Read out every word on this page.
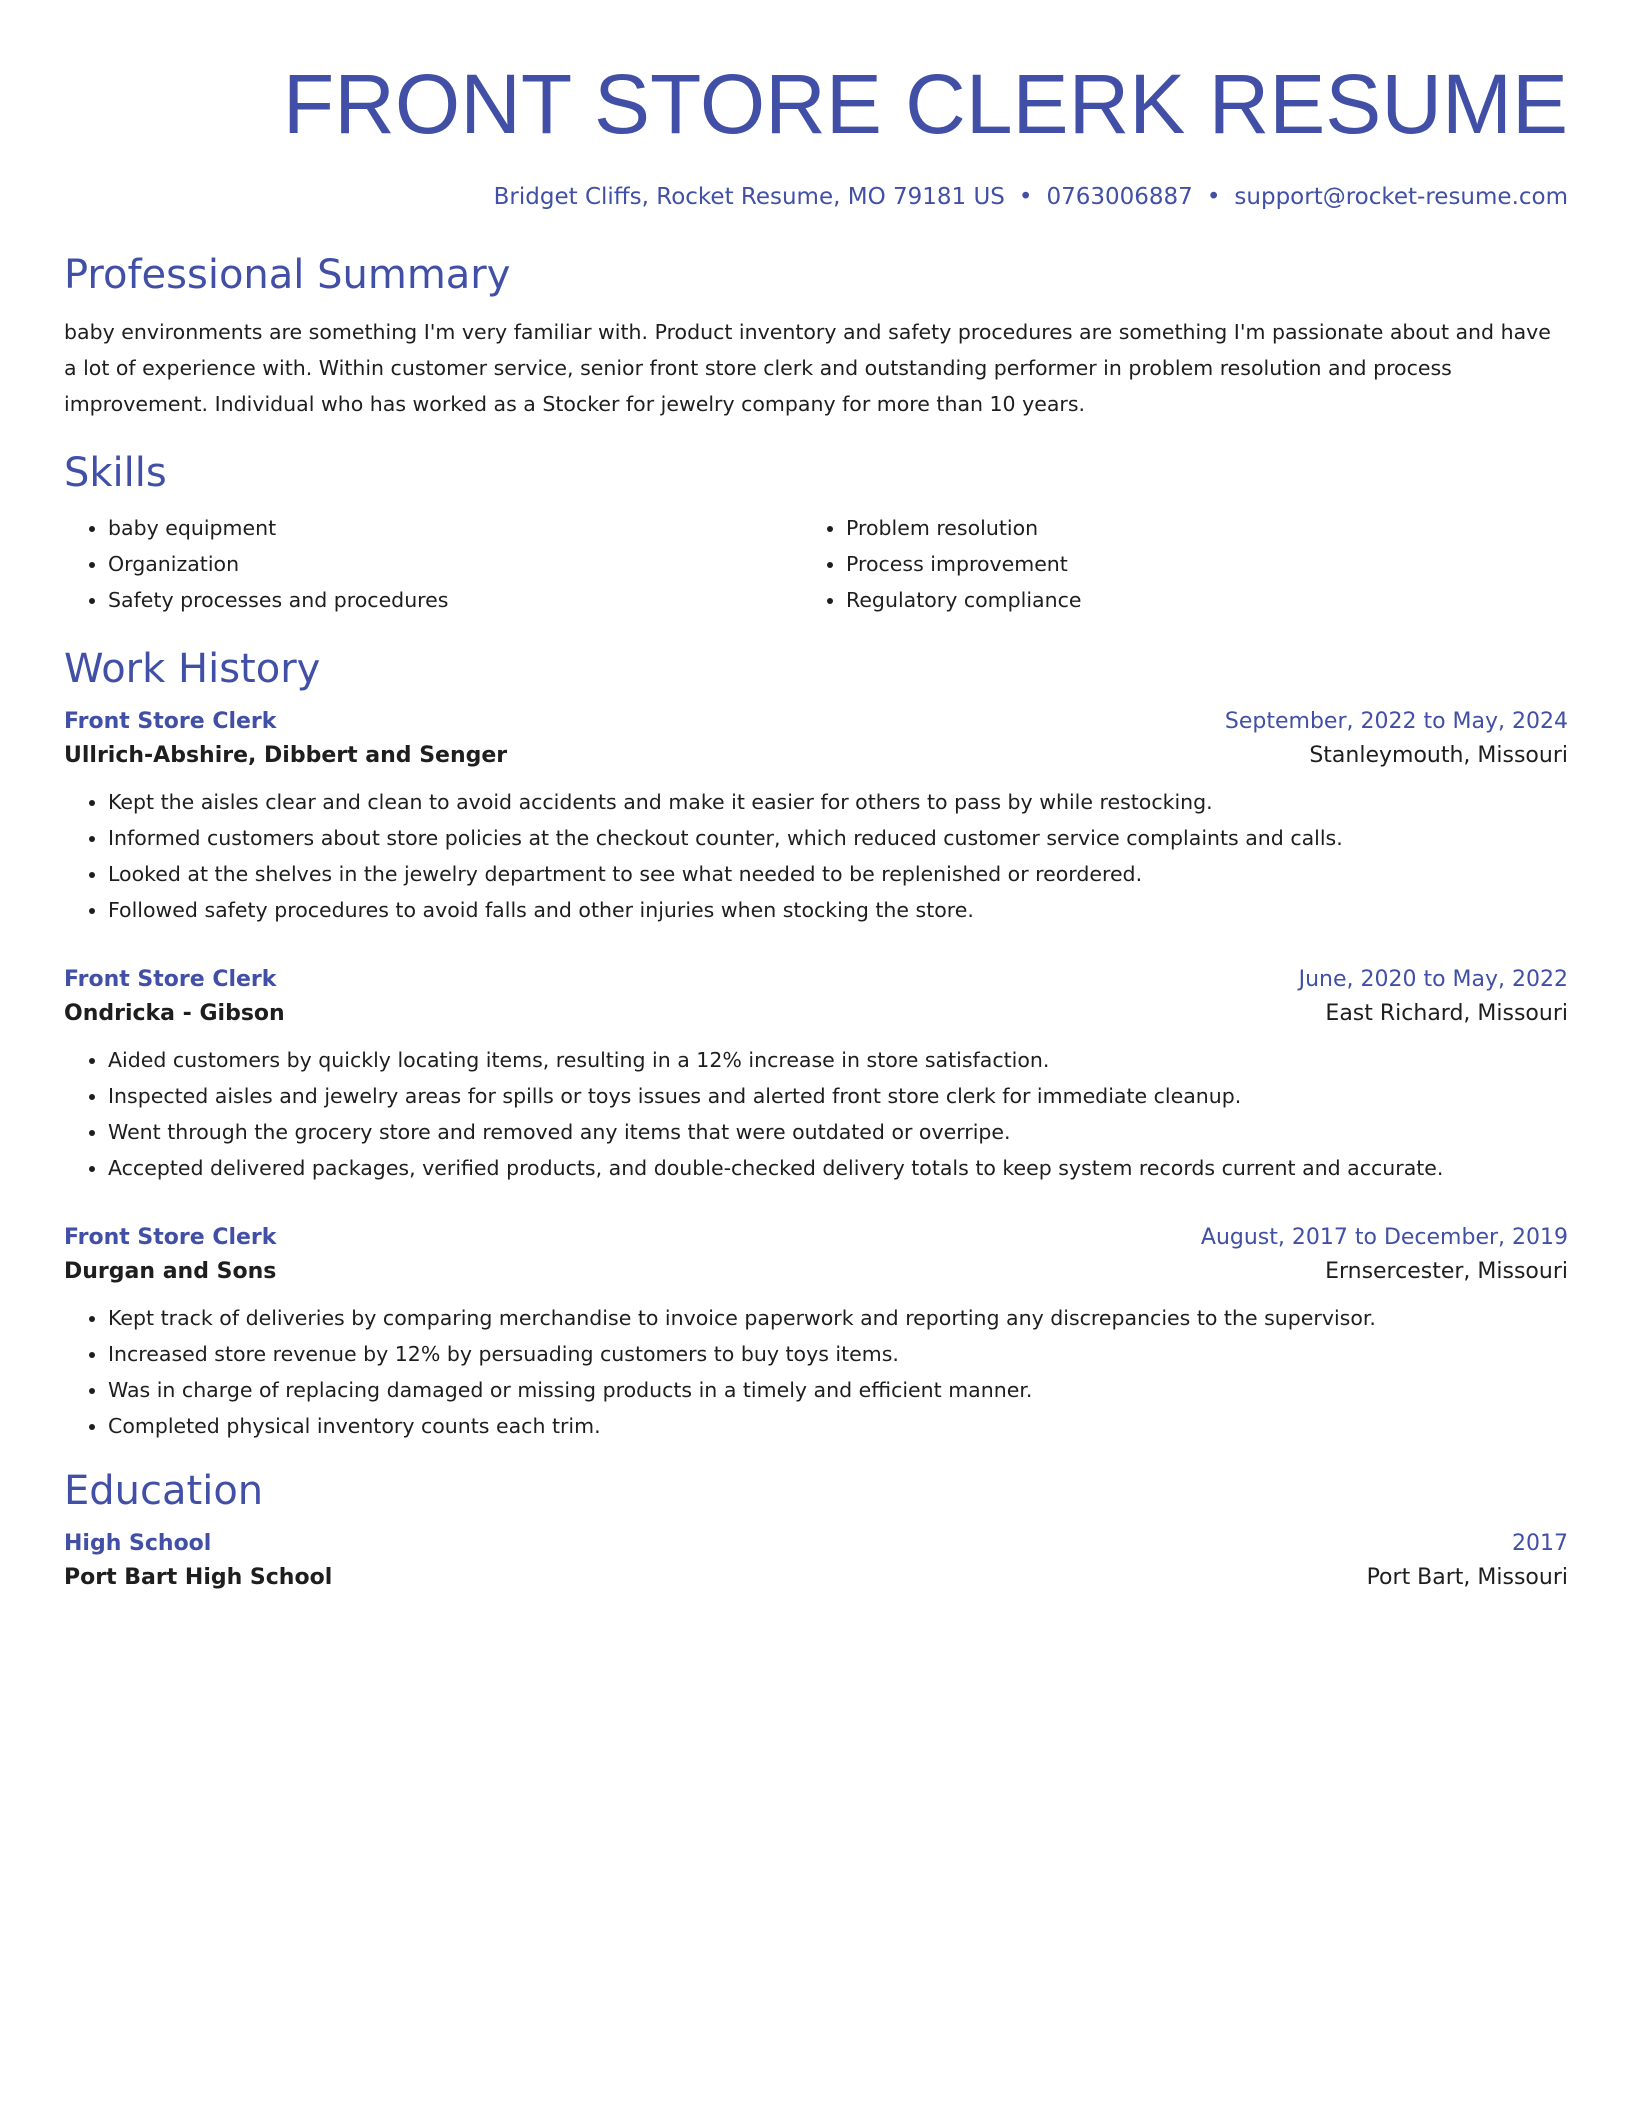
FRONT STORE CLERK RESUME
Bridget Cliffs, Rocket Resume, MO 79181 US • 0763006887 • support@rocket-resume.com
Professional Summary
baby environments are something I'm very familiar with. Product inventory and safety procedures are something I'm passionate about and have a lot of experience with. Within customer service, senior front store clerk and outstanding performer in problem resolution and process improvement. Individual who has worked as a Stocker for jewelry company for more than 10 years.
Skills
• baby equipment
• Organization
• Safety processes and procedures
• Problem resolution
• Process improvement
• Regulatory compliance
Work History
Front Store Clerk	September, 2022 to May, 2024
Ullrich-Abshire, Dibbert and Senger	Stanleymouth, Missouri
• Kept the aisles clear and clean to avoid accidents and make it easier for others to pass by while restocking.
• Informed customers about store policies at the checkout counter, which reduced customer service complaints and calls.
• Looked at the shelves in the jewelry department to see what needed to be replenished or reordered.
• Followed safety procedures to avoid falls and other injuries when stocking the store.
Front Store Clerk	June, 2020 to May, 2022
Ondricka - Gibson	East Richard, Missouri
• Aided customers by quickly locating items, resulting in a 12% increase in store satisfaction.
• Inspected aisles and jewelry areas for spills or toys issues and alerted front store clerk for immediate cleanup.
• Went through the grocery store and removed any items that were outdated or overripe.
• Accepted delivered packages, verified products, and double-checked delivery totals to keep system records current and accurate.
Front Store Clerk	August, 2017 to December, 2019
Durgan and Sons	Ernsercester, Missouri
• Kept track of deliveries by comparing merchandise to invoice paperwork and reporting any discrepancies to the supervisor.
• Increased store revenue by 12% by persuading customers to buy toys items.
• Was in charge of replacing damaged or missing products in a timely and efficient manner.
• Completed physical inventory counts each trim.
Education
High School	2017
Port Bart High School	Port Bart, Missouri
